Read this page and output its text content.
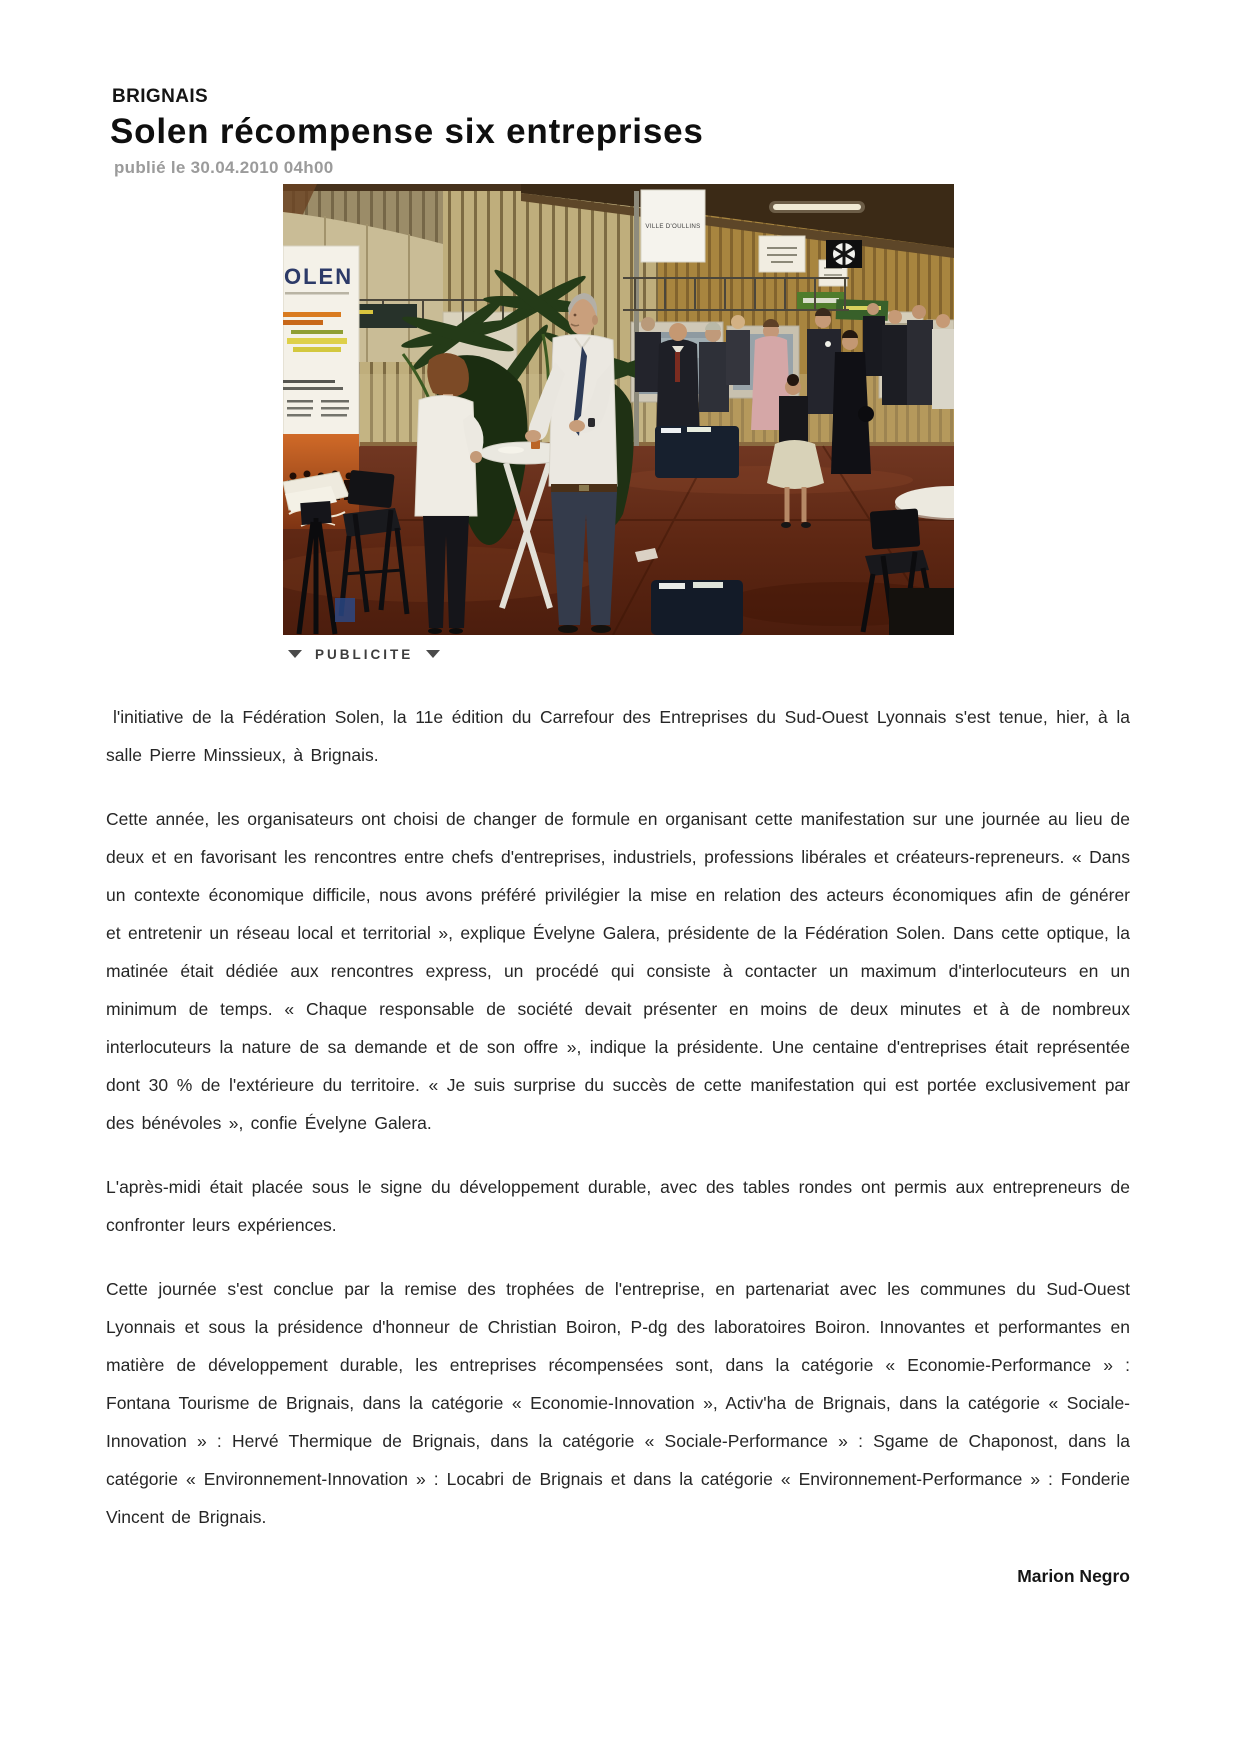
BRIGNAIS
Solen récompense six entreprises
publié le 30.04.2010 04h00
VILLE D'OULLINS
OLEN
PUBLICITE

l'initiative de la Fédération Solen, la 11e édition du Carrefour des Entreprises du Sud-Ouest Lyonnais s'est tenue, hier, à la salle Pierre Minssieux, à Brignais.

Cette année, les organisateurs ont choisi de changer de formule en organisant cette manifestation sur une journée au lieu de deux et en favorisant les rencontres entre chefs d'entreprises, industriels, professions libérales et créateurs-repreneurs. « Dans un contexte économique difficile, nous avons préféré privilégier la mise en relation des acteurs économiques afin de générer et entretenir un réseau local et territorial », explique Évelyne Galera, présidente de la Fédération Solen. Dans cette optique, la matinée était dédiée aux rencontres express, un procédé qui consiste à contacter un maximum d'interlocuteurs en un minimum de temps. « Chaque responsable de société devait présenter en moins de deux minutes et à de nombreux interlocuteurs la nature de sa demande et de son offre », indique la présidente. Une centaine d'entreprises était représentée dont 30 % de l'extérieure du territoire. « Je suis surprise du succès de cette manifestation qui est portée exclusivement par des bénévoles », confie Évelyne Galera.

L'après-midi était placée sous le signe du développement durable, avec des tables rondes ont permis aux entrepreneurs de confronter leurs expériences.

Cette journée s'est conclue par la remise des trophées de l'entreprise, en partenariat avec les communes du Sud-Ouest Lyonnais et sous la présidence d'honneur de Christian Boiron, P-dg des laboratoires Boiron. Innovantes et performantes en matière de développement durable, les entreprises récompensées sont, dans la catégorie « Economie-Performance » : Fontana Tourisme de Brignais, dans la catégorie « Economie-Innovation », Activ'ha de Brignais, dans la catégorie « Sociale-Innovation » : Hervé Thermique de Brignais, dans la catégorie « Sociale-Performance » : Sgame de Chaponost, dans la catégorie « Environnement-Innovation » : Locabri de Brignais et dans la catégorie « Environnement-Performance » : Fonderie Vincent de Brignais.

Marion Negro
